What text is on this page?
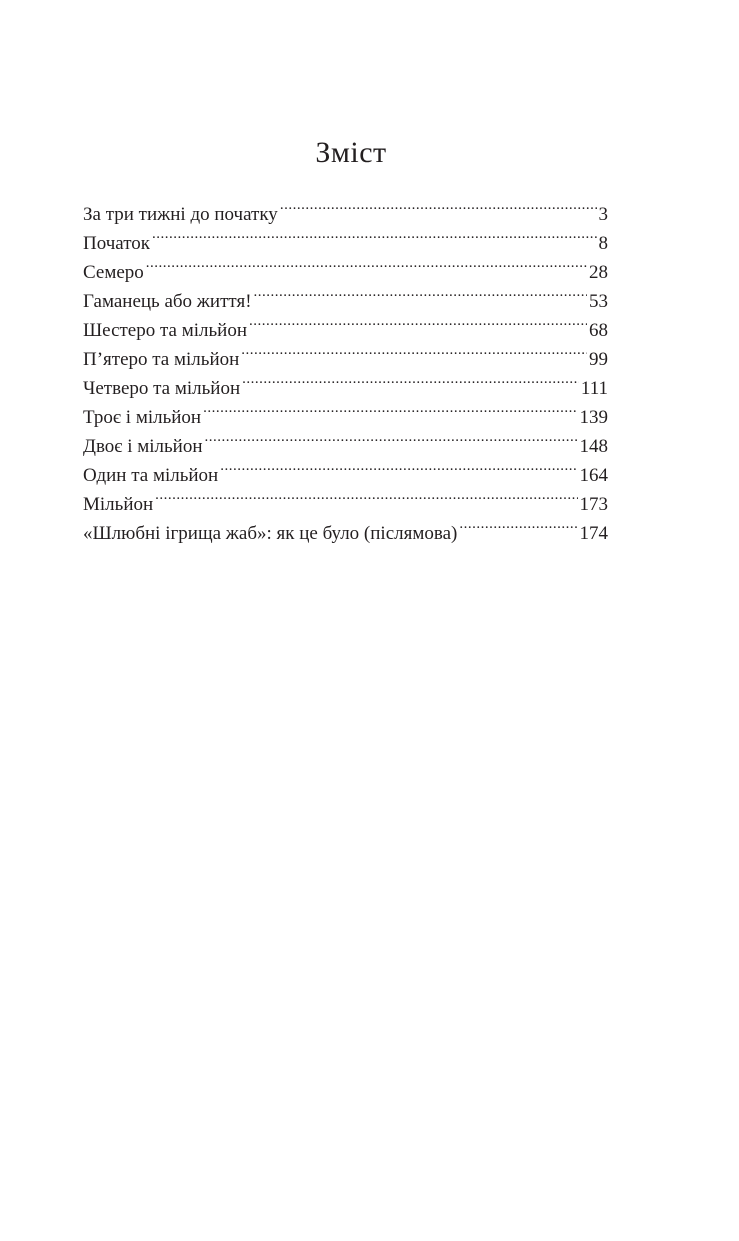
Зміст
За три тижні до початку .....	3
Початок .....	8
Семеро .....	28
Гаманець або життя! .....	53
Шестеро та мільйон .....	68
П’ятеро та мільйон .....	99
Четверо та мільйон .....	111
Троє і мільйон .....	139
Двоє і мільйон .....	148
Один та мільйон .....	164
Мільйон .....	173
«Шлюбні ігрища жаб»: як це було (післямова) .....	174
